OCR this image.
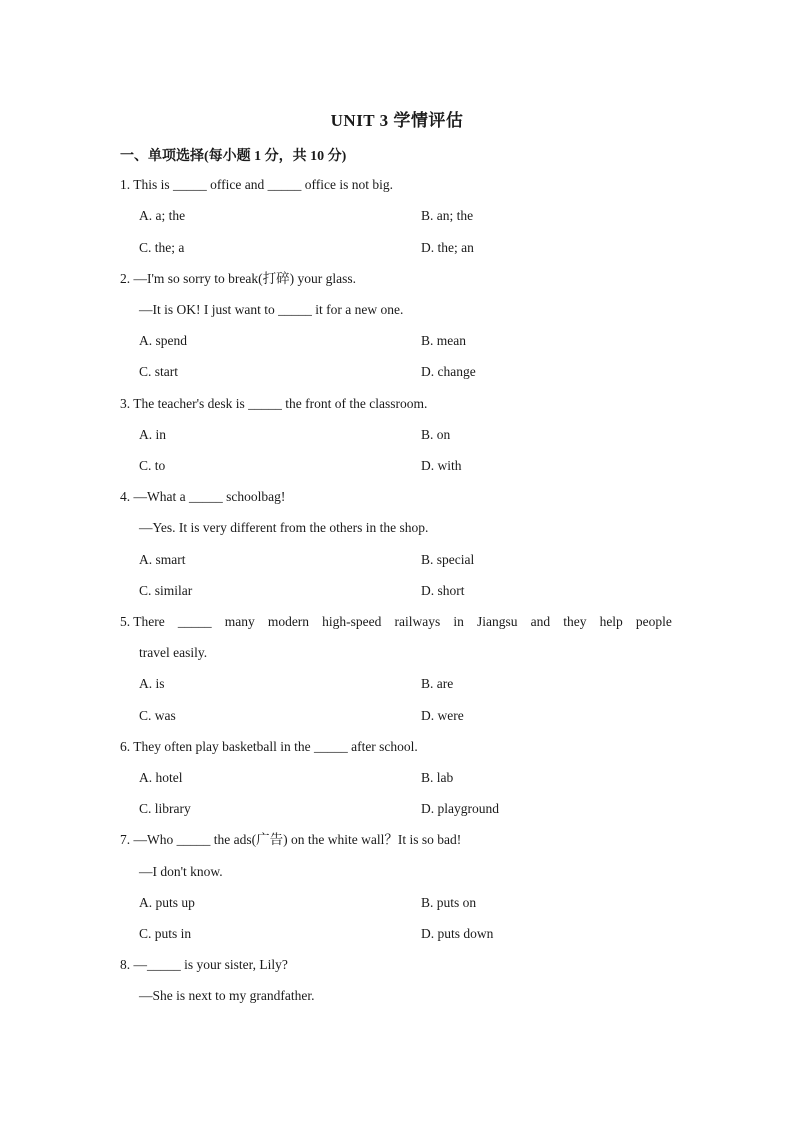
UNIT 3 学情评估
一、单项选择(每小题 1 分，共 10 分)
1. This is _____ office and _____ office is not big.
A. a; the	B. an; the
C. the; a	D. the; an
2. —I'm so sorry to break(打碎) your glass.
—It is OK! I just want to _____ it for a new one.
A. spend	B. mean
C. start	D. change
3. The teacher's desk is _____ the front of the classroom.
A. in	B. on
C. to	D. with
4. —What a _____ schoolbag!
—Yes. It is very different from the others in the shop.
A. smart	B. special
C. similar	D. short
5. There _____ many modern high-speed railways in Jiangsu and they help people
travel easily.
A. is	B. are
C. was	D. were
6. They often play basketball in the _____ after school.
A. hotel	B. lab
C. library	D. playground
7. —Who _____ the ads(广告) on the white wall？It is so bad!
—I don't know.
A. puts up	B. puts on
C. puts in	D. puts down
8. —_____ is your sister, Lily?
—She is next to my grandfather.
